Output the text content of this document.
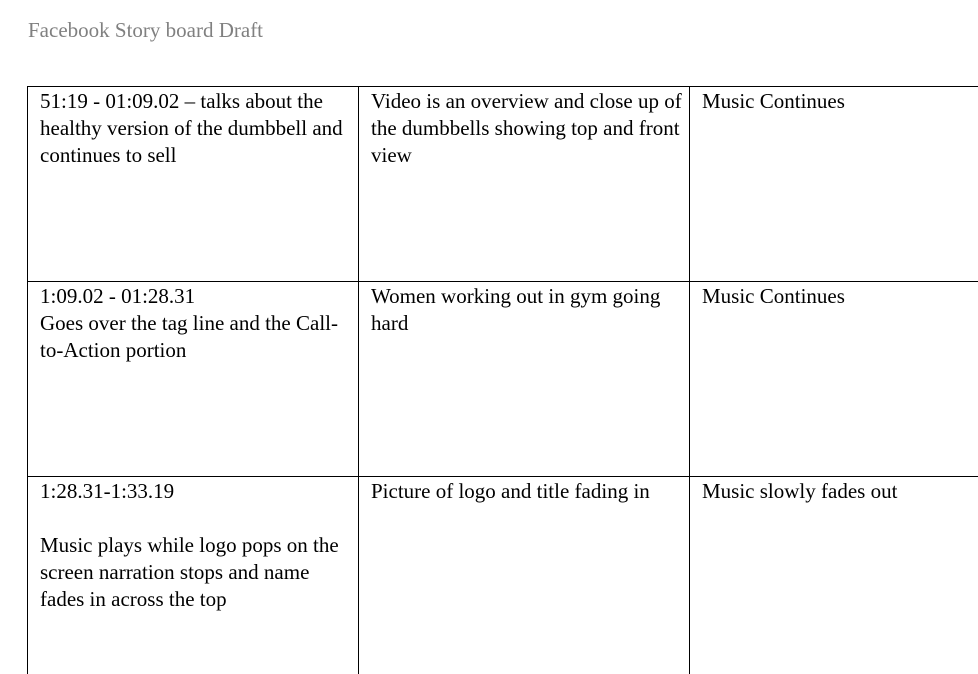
Facebook Story board Draft
51:19 - 01:09.02 – talks about the healthy version of the dumbbell and continues to sell	Video is an overview and close up of the dumbbells showing top and front view	Music Continues

1:09.02 - 01:28.31
Goes over the tag line and the Call-to-Action portion	Women working out in gym going hard	Music Continues

1:28.31-1:33.19
Music plays while logo pops on the screen narration stops and name fades in across the top	Picture of logo and title fading in	Music slowly fades out
